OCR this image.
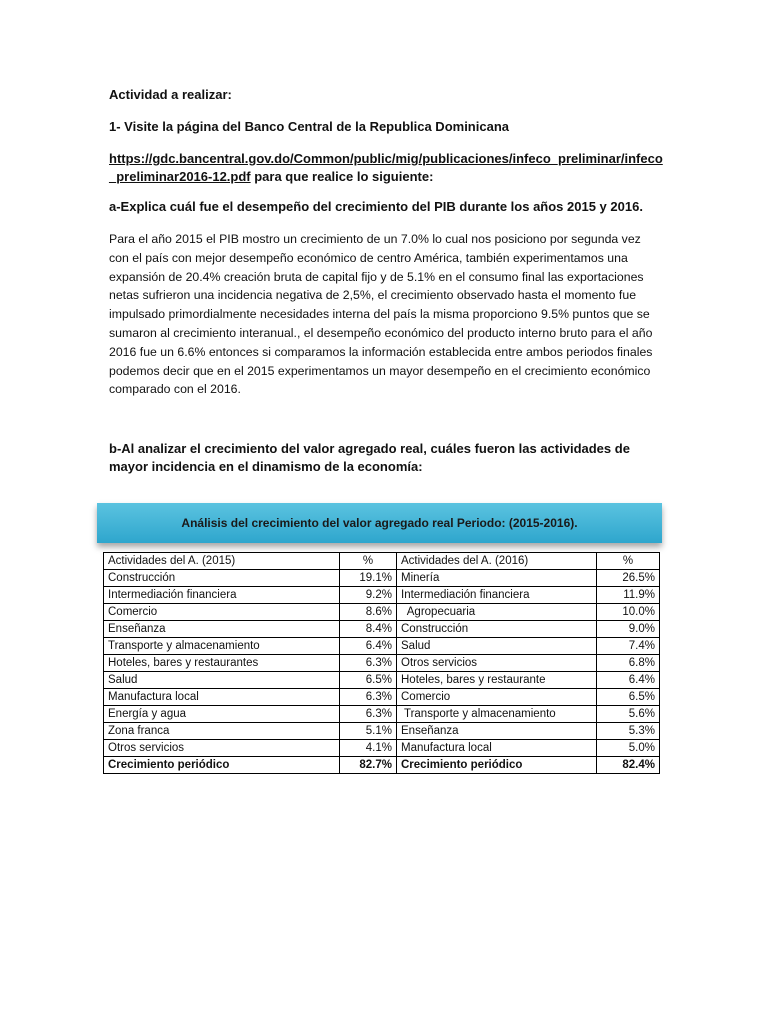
Actividad a realizar:
1- Visite la página del Banco Central de la Republica Dominicana
https://gdc.bancentral.gov.do/Common/public/mig/publicaciones/infeco_preliminar/infeco
_preliminar2016-12.pdf para que realice lo siguiente:
a-Explica cuál fue el desempeño del crecimiento del PIB durante los años 2015 y 2016.
Para el año 2015 el PIB mostro un crecimiento de un 7.0% lo cual nos posiciono por segunda vez con el país con mejor desempeño económico de centro América, también experimentamos una expansión de 20.4% creación bruta de capital fijo y de 5.1% en el consumo final las exportaciones netas sufrieron una incidencia negativa de 2,5%, el crecimiento observado hasta el momento fue impulsado primordialmente necesidades interna del país la misma proporciono 9.5% puntos que se sumaron al crecimiento interanual., el desempeño económico del producto interno bruto para el año 2016 fue un 6.6% entonces si comparamos la información establecida entre ambos periodos finales podemos decir que en el 2015 experimentamos un mayor desempeño en el crecimiento económico comparado con el 2016.
b-Al analizar el crecimiento del valor agregado real, cuáles fueron las actividades de mayor incidencia en el dinamismo de la economía:
Análisis del crecimiento del valor agregado real Periodo: (2015-2016).
Actividades del A. (2015)	%	Actividades del A. (2016)	%
Construcción	19.1%	Minería	26.5%
Intermediación financiera	9.2%	Intermediación financiera	11.9%
Comercio	8.6%	Agropecuaria	10.0%
Enseñanza	8.4%	Construcción	9.0%
Transporte y almacenamiento	6.4%	Salud	7.4%
Hoteles, bares y restaurantes	6.3%	Otros servicios	6.8%
Salud	6.5%	Hoteles, bares y restaurante	6.4%
Manufactura local	6.3%	Comercio	6.5%
Energía y agua	6.3%	Transporte y almacenamiento	5.6%
Zona franca	5.1%	Enseñanza	5.3%
Otros servicios	4.1%	Manufactura local	5.0%
Crecimiento periódico	82.7%	Crecimiento periódico	82.4%
